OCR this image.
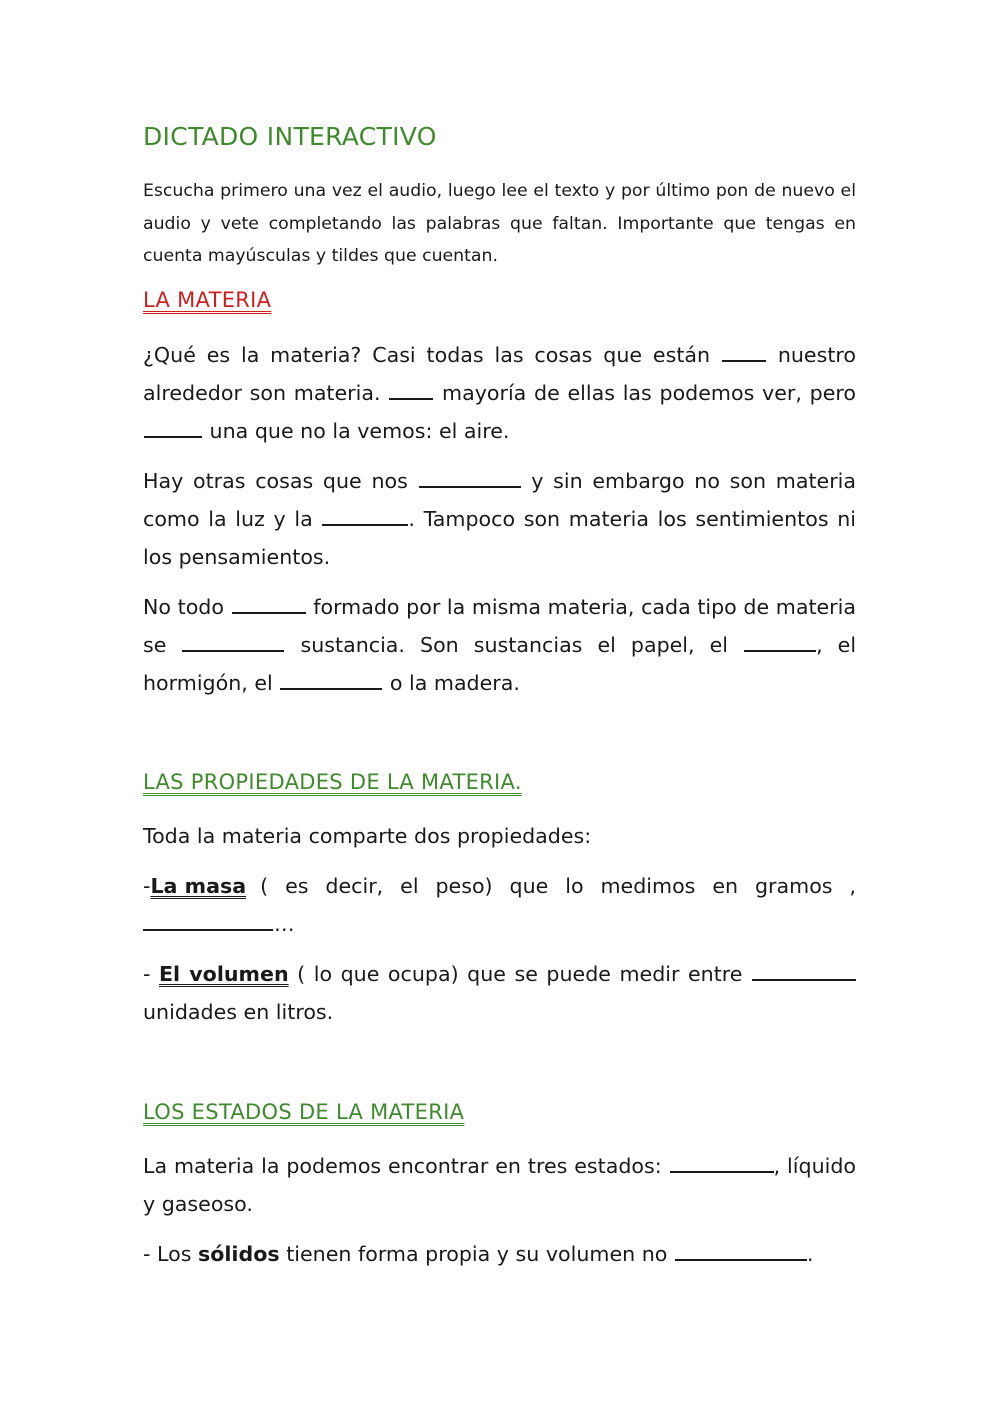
DICTADO INTERACTIVO

Escucha primero una vez el audio, luego lee el texto y por último pon de nuevo el audio y vete completando las palabras que faltan. Importante que tengas en cuenta mayúsculas y tildes que cuentan.

LA MATERIA

¿Qué es la materia? Casi todas las cosas que están	nuestro alrededor son materia.	mayoría de ellas las podemos ver, pero  una que no la vemos: el aire.

Hay otras cosas que nos	y sin embargo no son materia como la luz y la	. Tampoco son materia los sentimientos ni los pensamientos.

No todo	formado por la misma materia, cada tipo de materia se	sustancia. Son sustancias el papel, el	, el hormigón, el	o la madera.

LAS PROPIEDADES DE LA MATERIA.

Toda la materia comparte dos propiedades:

- La masa ( es decir, el peso) que lo medimos en gramos ,

…

- El volumen ( lo que ocupa) que se puede medir entre  unidades en litros.

LOS ESTADOS DE LA MATERIA

La materia la podemos encontrar en tres estados:	, líquido y gaseoso.

- Los sólidos tienen forma propia y su volumen no	.
